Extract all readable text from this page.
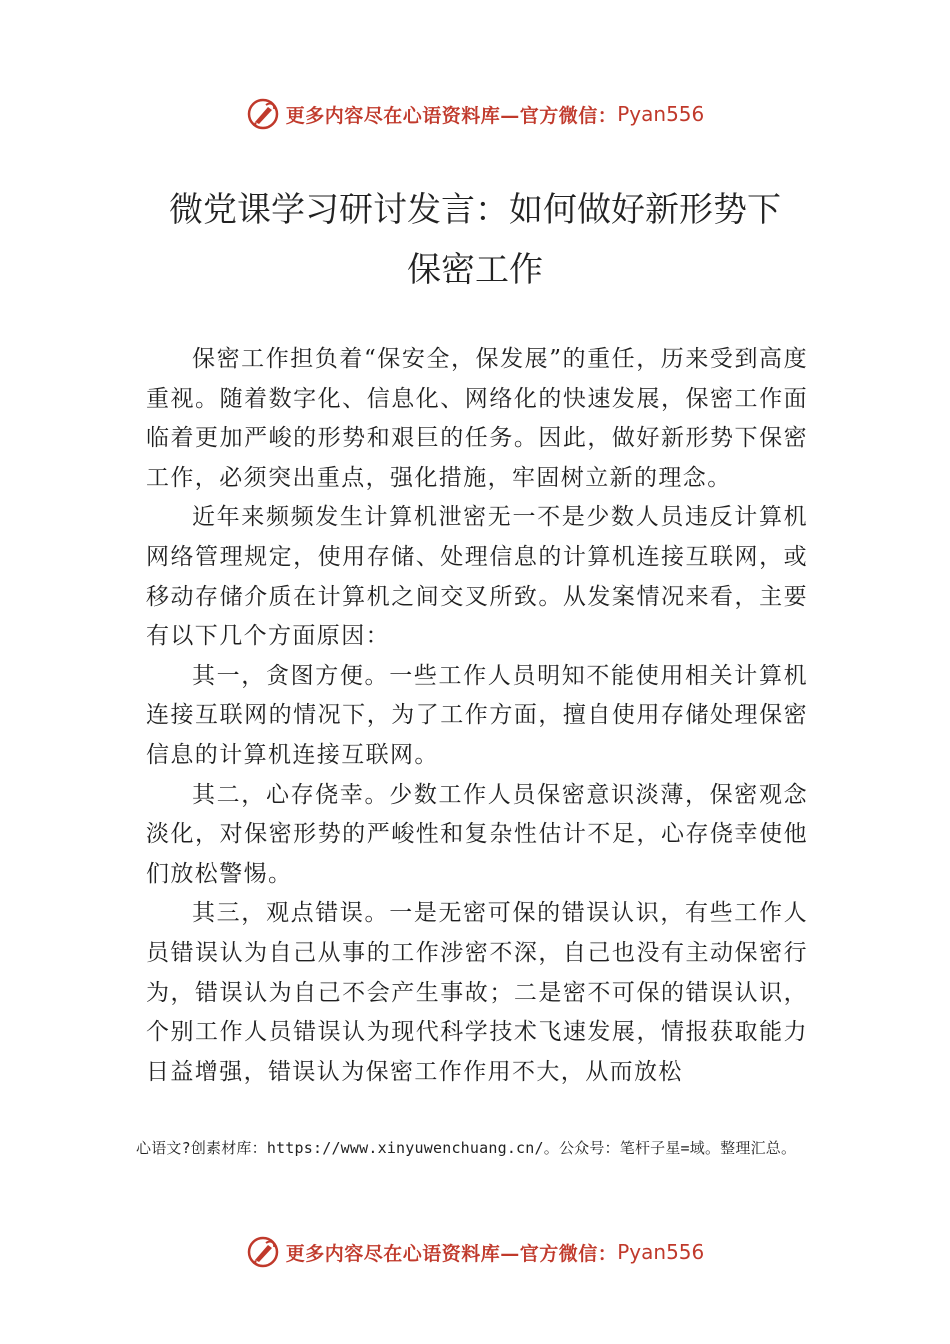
更多内容尽在心语资料库— 官方微信： Pyan556
微党课学习研讨发言：如何做好新形势下
保密工作

保密工作担负着“保安全，保发展”的重任，历来受到高度重视。随着数字化、信息化、网络化的快速发展，保密工作面临着更加严峻的形势和艰巨的任务。因此，做好新形势下保密工作，必须突出重点，强化措施，牢固树立新的理念。

近年来频频发生计算机泄密无一不是少数人员违反计算机网络管理规定，使用存储、处理信息的计算机连接互联网，或移动存储介质在计算机之间交叉所致。从发案情况来看，主要有以下几个方面原因：

其一，贪图方便。一些工作人员明知不能使用相关计算机连接互联网的情况下，为了工作方面，擅自使用存储处理保密信息的计算机连接互联网。

其二，心存侥幸。少数工作人员保密意识淡薄，保密观念淡化，对保密形势的严峻性和复杂性估计不足，心存侥幸使他们放松警惕。

其三，观点错误。一是无密可保的错误认识，有些工作人员错误认为自己从事的工作涉密不深，自己也没有主动保密行为，错误认为自己不会产生事故；二是密不可保的错误认识，个别工作人员错误认为现代科学技术飞速发展，情报获取能力日益增强，错误认为保密工作作用不大，从而放松

心语文?创素材库：https://www.xinyuwenchuang.cn/。公众号：笔杆子星=域。整理汇总。
更多内容尽在心语资料库— 官方微信： Pyan556
